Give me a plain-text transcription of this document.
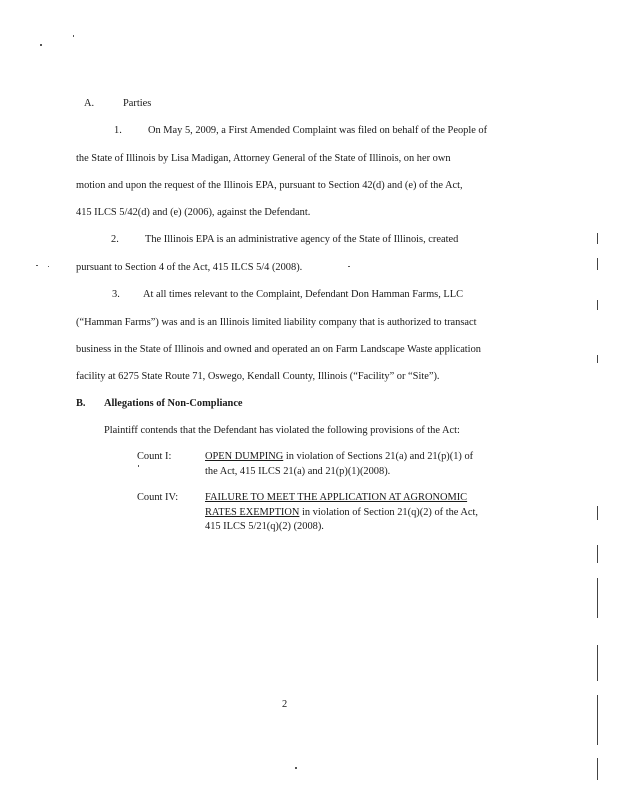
A.	Parties
1.	On May 5, 2009, a First Amended Complaint was filed on behalf of the People of
the State of Illinois by Lisa Madigan, Attorney General of the State of Illinois, on her own
motion and upon the request of the Illinois EPA, pursuant to Section 42(d) and (e) of the Act,
415 ILCS 5/42(d) and (e) (2006), against the Defendant.
2.	The Illinois EPA is an administrative agency of the State of Illinois, created
pursuant to Section 4 of the Act, 415 ILCS 5/4 (2008).
3. At all times relevant to the Complaint, Defendant Don Hamman Farms, LLC
(“Hamman Farms”) was and is an Illinois limited liability company that is authorized to transact
business in the State of Illinois and owned and operated an on Farm Landscape Waste application
facility at 6275 State Route 71, Oswego, Kendall County, Illinois (“Facility” or “Site”).
B. Allegations of Non-Compliance
Plaintiff contends that the Defendant has violated the following provisions of the Act:
Count I:	OPEN DUMPING in violation of Sections 21(a) and 21(p)(1) of
the Act, 415 ILCS 21(a) and 21(p)(1)(2008).
Count IV:	FAILURE TO MEET THE APPLICATION AT AGRONOMIC
RATES EXEMPTION in violation of Section 21(q)(2) of the Act,
415 ILCS 5/21(q)(2) (2008).
2
